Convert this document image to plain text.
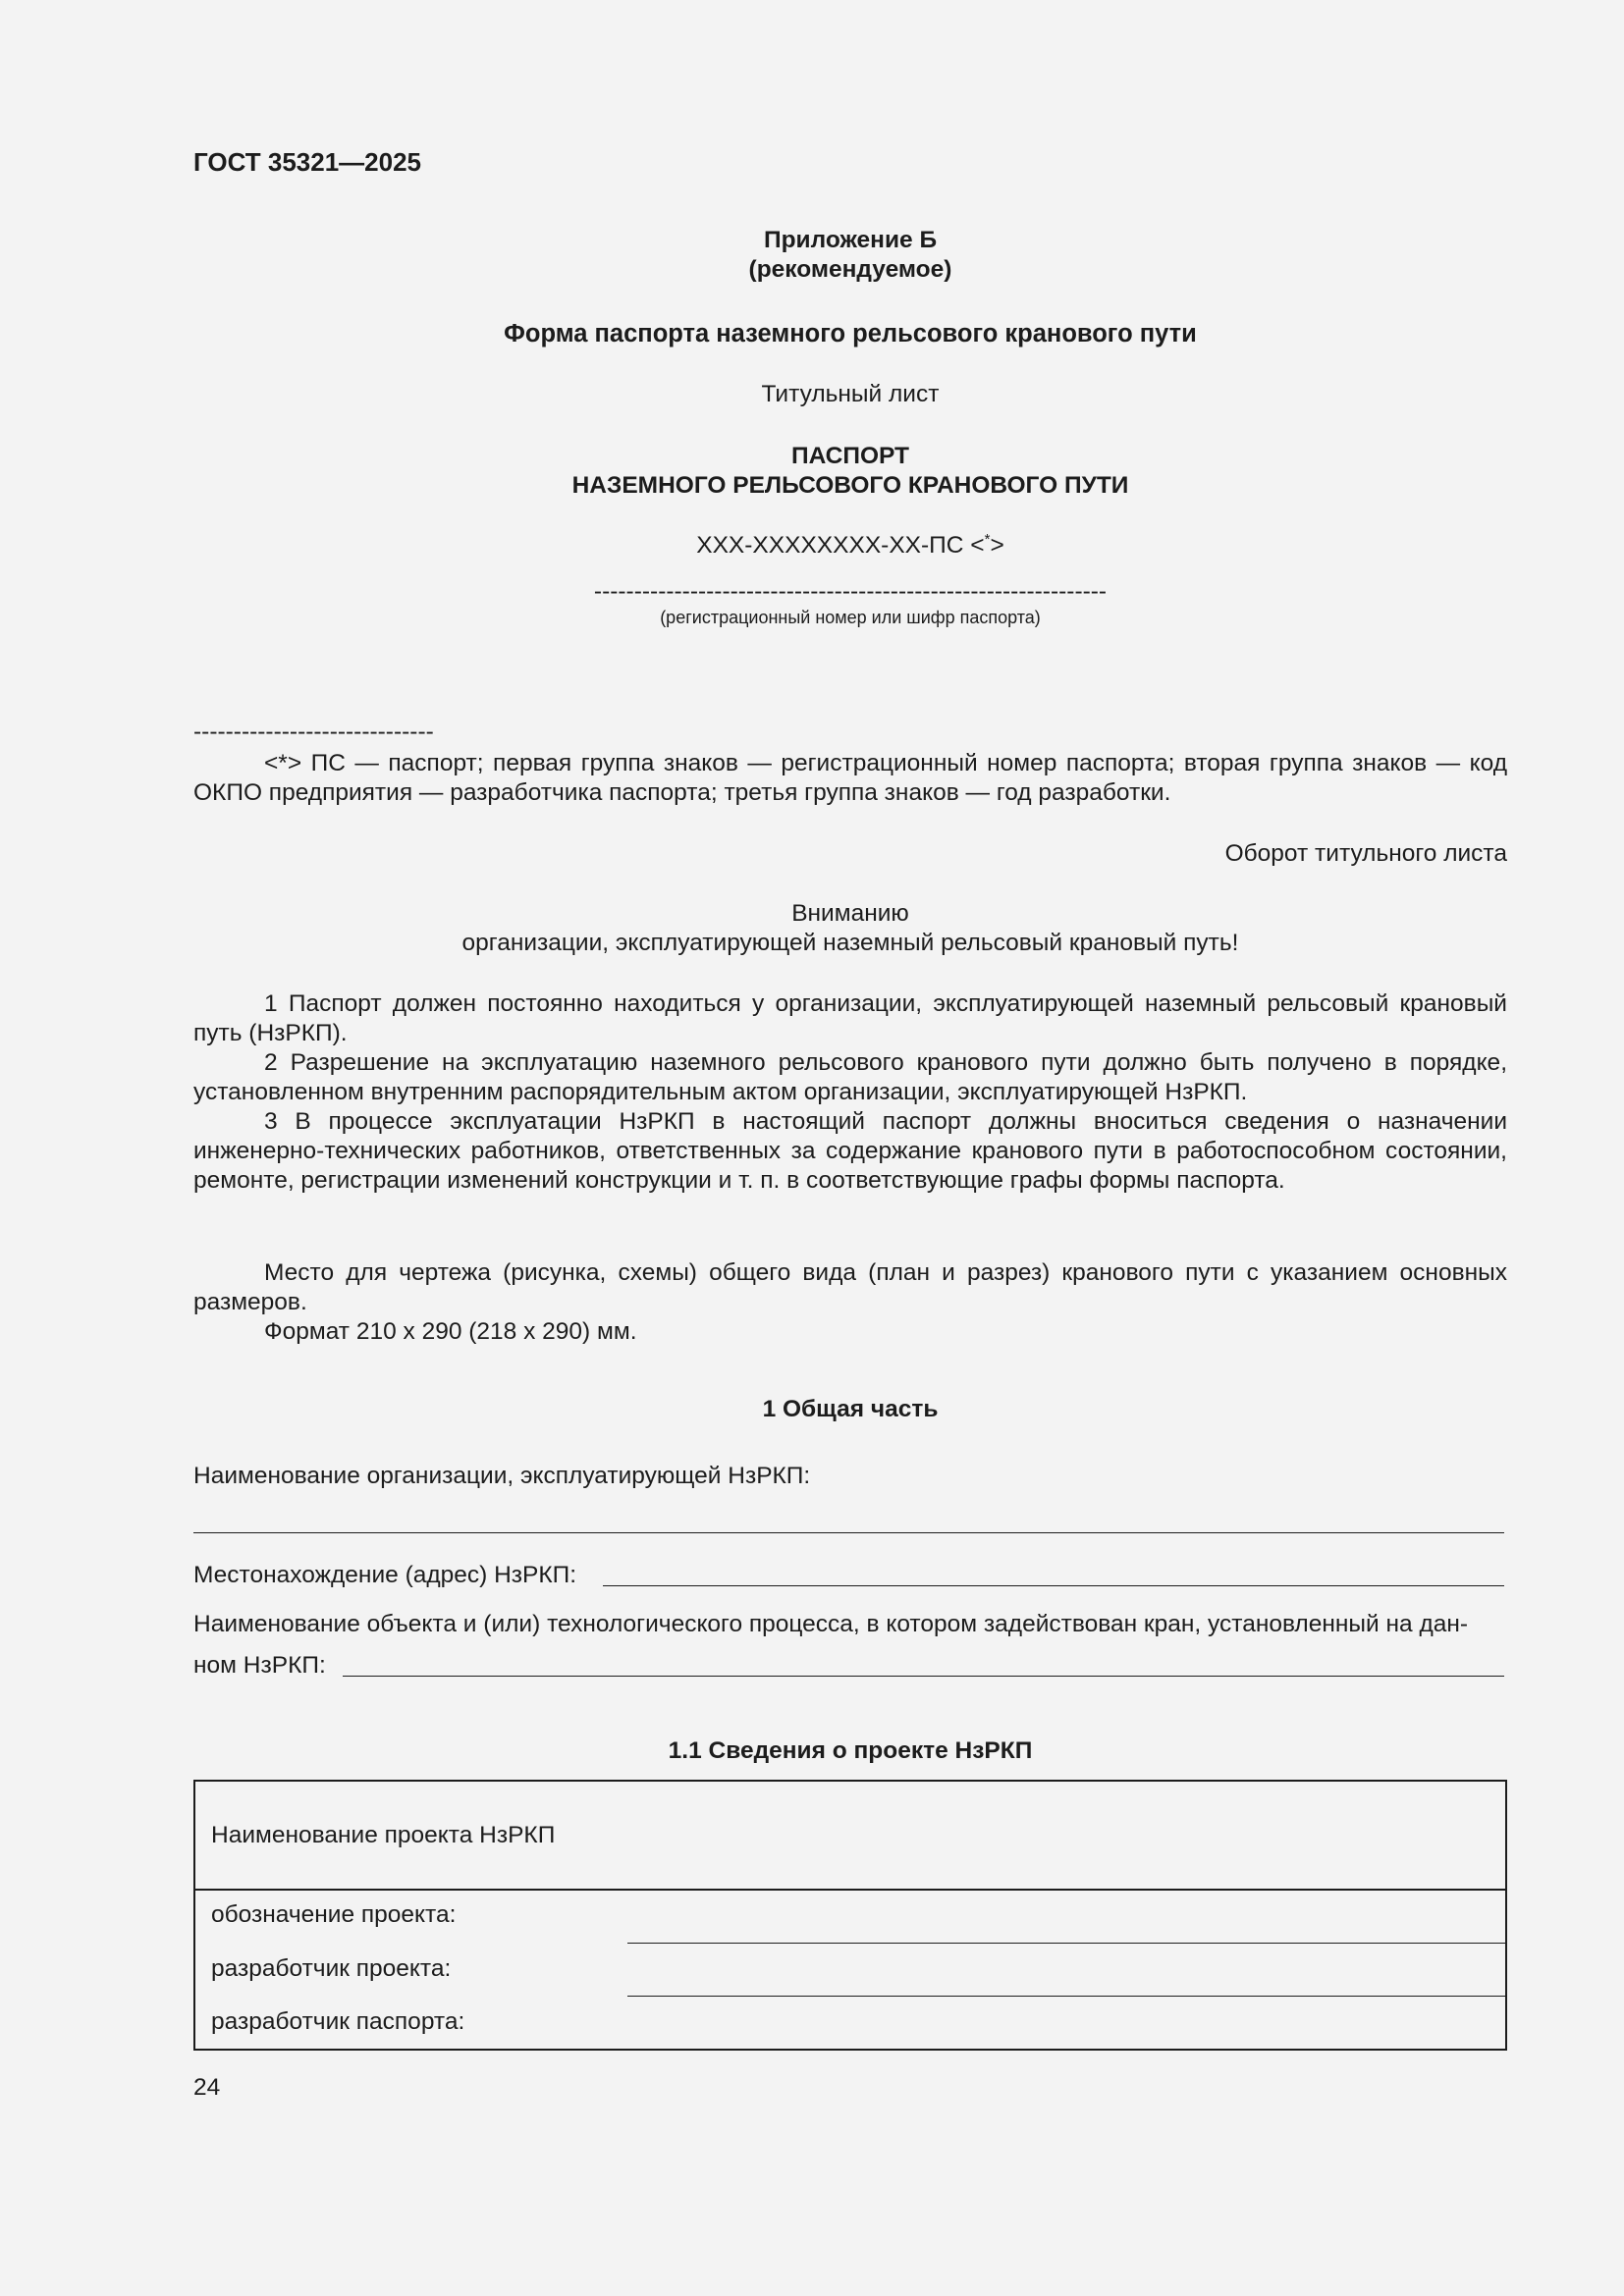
ГОСТ 35321—2025
Приложение Б
(рекомендуемое)
Форма паспорта наземного рельсового кранового пути
Титульный лист
ПАСПОРТ
НАЗЕМНОГО РЕЛЬСОВОГО КРАНОВОГО ПУТИ
ХХХ-ХХХХХХХХ-ХХ-ПС <*>
----------------------------------------------------------------
(регистрационный номер или шифр паспорта)
------------------------------
<*> ПС — паспорт; первая группа знаков — регистрационный номер паспорта; вторая группа знаков — код ОКПО предприятия — разработчика паспорта; третья группа знаков — год разработки.
Оборот титульного листа
Вниманию
организации, эксплуатирующей наземный рельсовый крановый путь!
1 Паспорт должен постоянно находиться у организации, эксплуатирующей наземный рельсовый крановый путь (НзРКП).
2 Разрешение на эксплуатацию наземного рельсового кранового пути должно быть получено в порядке, установленном внутренним распорядительным актом организации, эксплуатирующей НзРКП.
3 В процессе эксплуатации НзРКП в настоящий паспорт должны вноситься сведения о назначении инженерно-технических работников, ответственных за содержание кранового пути в работоспособном состоянии, ремонте, регистрации изменений конструкции и т. п. в соответствующие графы формы паспорта.
Место для чертежа (рисунка, схемы) общего вида (план и разрез) кранового пути с указанием основных размеров.
Формат 210 х 290 (218 х 290) мм.
1 Общая часть
Наименование организации, эксплуатирующей НзРКП:
Местонахождение (адрес) НзРКП:
Наименование объекта и (или) технологического процесса, в котором задействован кран, установленный на дан-
ном НзРКП:
1.1 Сведения о проекте НзРКП
Наименование проекта НзРКП
обозначение проекта:
разработчик проекта:
разработчик паспорта:
24
